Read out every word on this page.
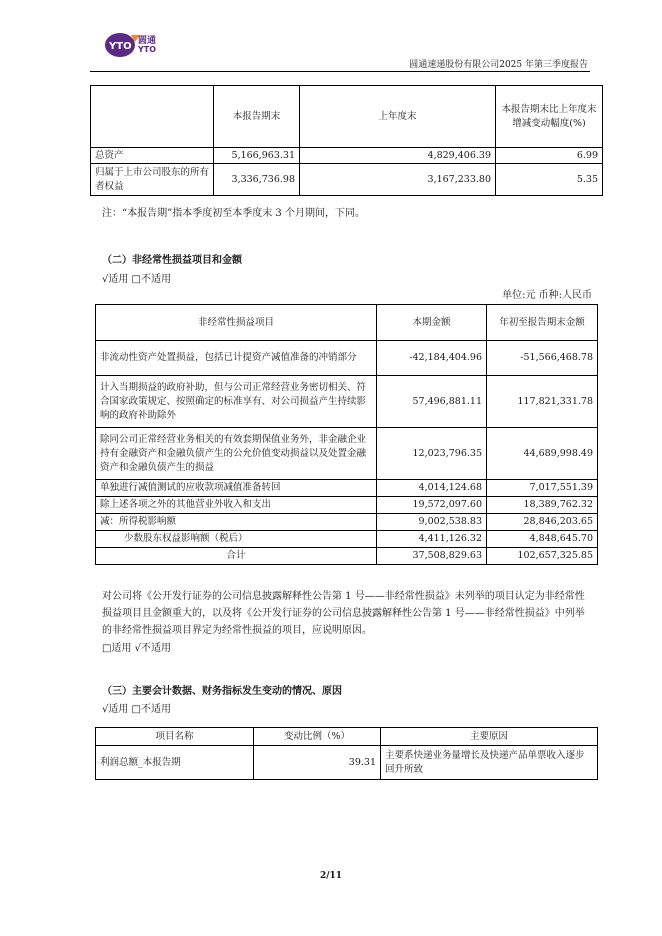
YTO 圆通
YTO
圆通速递股份有限公司2025 年第三季度报告
	本报告期末	上年度末	本报告期末比上年度末增减变动幅度(%)
总资产	5,166,963.31	4,829,406.39	6.99
归属于上市公司股东的所有者权益	3,336,736.98	3,167,233.80	5.35
注：“本报告期”指本季度初至本季度末 3 个月期间，下同。
（二）非经常性损益项目和金额
√适用 □不适用
单位:元 币种:人民币
非经常性损益项目	本期金额	年初至报告期末金额
非流动性资产处置损益，包括已计提资产减值准备的冲销部分	-42,184,404.96	-51,566,468.78
计入当期损益的政府补助，但与公司正常经营业务密切相关、符合国家政策规定、按照确定的标准享有、对公司损益产生持续影响的政府补助除外	57,496,881.11	117,821,331.78
除同公司正常经营业务相关的有效套期保值业务外，非金融企业持有金融资产和金融负债产生的公允价值变动损益以及处置金融资产和金融负债产生的损益	12,023,796.35	44,689,998.49
单独进行减值测试的应收款项减值准备转回	4,014,124.68	7,017,551.39
除上述各项之外的其他营业外收入和支出	19,572,097.60	18,389,762.32
减：所得税影响额	9,002,538.83	28,846,203.65
少数股东权益影响额（税后）	4,411,126.32	4,848,645.70
合计	37,508,829.63	102,657,325.85
对公司将《公开发行证券的公司信息披露解释性公告第 1 号——非经常性损益》未列举的项目认定为非经常性损益项目且金额重大的，以及将《公开发行证券的公司信息披露解释性公告第 1 号——非经常性损益》中列举的非经常性损益项目界定为经常性损益的项目，应说明原因。
□适用 √不适用
（三）主要会计数据、财务指标发生变动的情况、原因
√适用 □不适用
项目名称	变动比例（%）	主要原因
利润总额_本报告期	39.31	主要系快递业务量增长及快递产品单票收入逐步回升所致
2/11
